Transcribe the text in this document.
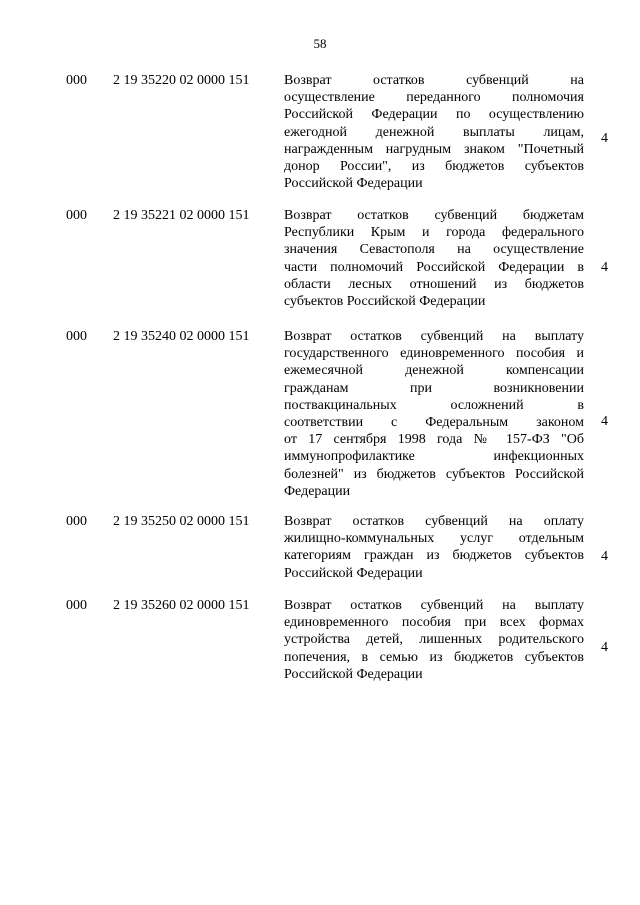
58
000 2 19 35220 02 0000 151 Возврат остатков субвенций на
осуществление переданного полномочия
Российской Федерации по осуществлению
ежегодной денежной выплаты лицам,
награжденным нагрудным знаком "Почетный
донор России", из бюджетов субъектов
Российской Федерации
4
000 2 19 35221 02 0000 151 Возврат остатков субвенций бюджетам
Республики Крым и города федерального
значения Севастополя на осуществление
части полномочий Российской Федерации в
области лесных отношений из бюджетов
субъектов Российской Федерации
4
000 2 19 35240 02 0000 151 Возврат остатков субвенций на выплату
государственного единовременного пособия и
ежемесячной денежной компенсации
гражданам при возникновении
поствакцинальных осложнений в
соответствии с Федеральным законом
от 17 сентября 1998 года № 157-ФЗ "Об
иммунопрофилактике инфекционных
болезней" из бюджетов субъектов Российской
Федерации
4
000 2 19 35250 02 0000 151 Возврат остатков субвенций на оплату
жилищно-коммунальных услуг отдельным
категориям граждан из бюджетов субъектов
Российской Федерации
4
000 2 19 35260 02 0000 151 Возврат остатков субвенций на выплату
единовременного пособия при всех формах
устройства детей, лишенных родительского
попечения, в семью из бюджетов субъектов
Российской Федерации
4
